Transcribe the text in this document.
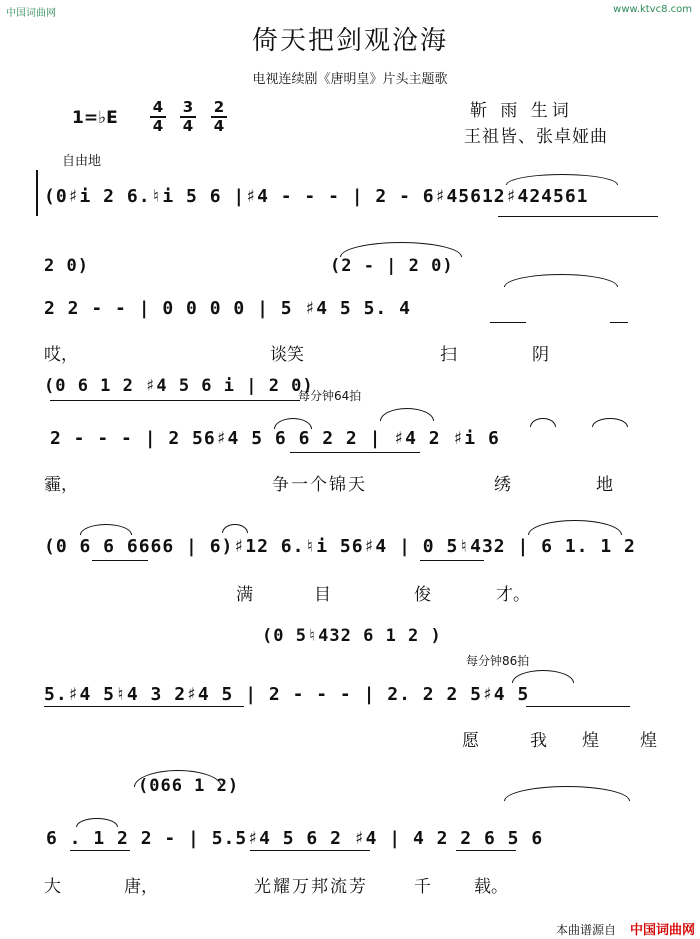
中国词曲网	www.ktvc8.com
倚天把剑观沧海
电视连续剧《唐明皇》片头主题歌
靳 雨 生词
王祖皆、张卓娅曲
1=♭E
4
4
3
4
2
4
自由地
每分钟64拍
每分钟86拍
(0♯i 2 6.♮i 5 6 |♯4 - - - | 2 - 6♯45612♯424561
2 0)	(2 - | 2 0)
2 2 - - | 0 0 0 0 | 5 ♯4 5 5. 4
哎，	谈笑	扫	阴
(0 6 1 2 ♯4 5 6 i | 2 0)
2 - - - | 2 56♯4 5 6 6 2 2 | ♯4 2 ♯i 6
霾，	争一个锦天	绣	地
(0 6 6 6666 | 6)♯12 6.♮i 56♯4 | 0 5♮432 | 6 1. 1 2
满	目	俊	才。
(0 5♮432 6 1 2 )
5.♯4 5♮4 3 2♯4 5 | 2 - - - | 2. 2 2 5♯4 5
愿	我 煌 煌
(066 1 2)
6 . 1 2 2 - | 5.5♯4 5 6 2 ♯4 | 4 2 2 6 5 6
大	唐，	光耀万邦流芳	千	载。
本曲谱源自 中国词曲网
